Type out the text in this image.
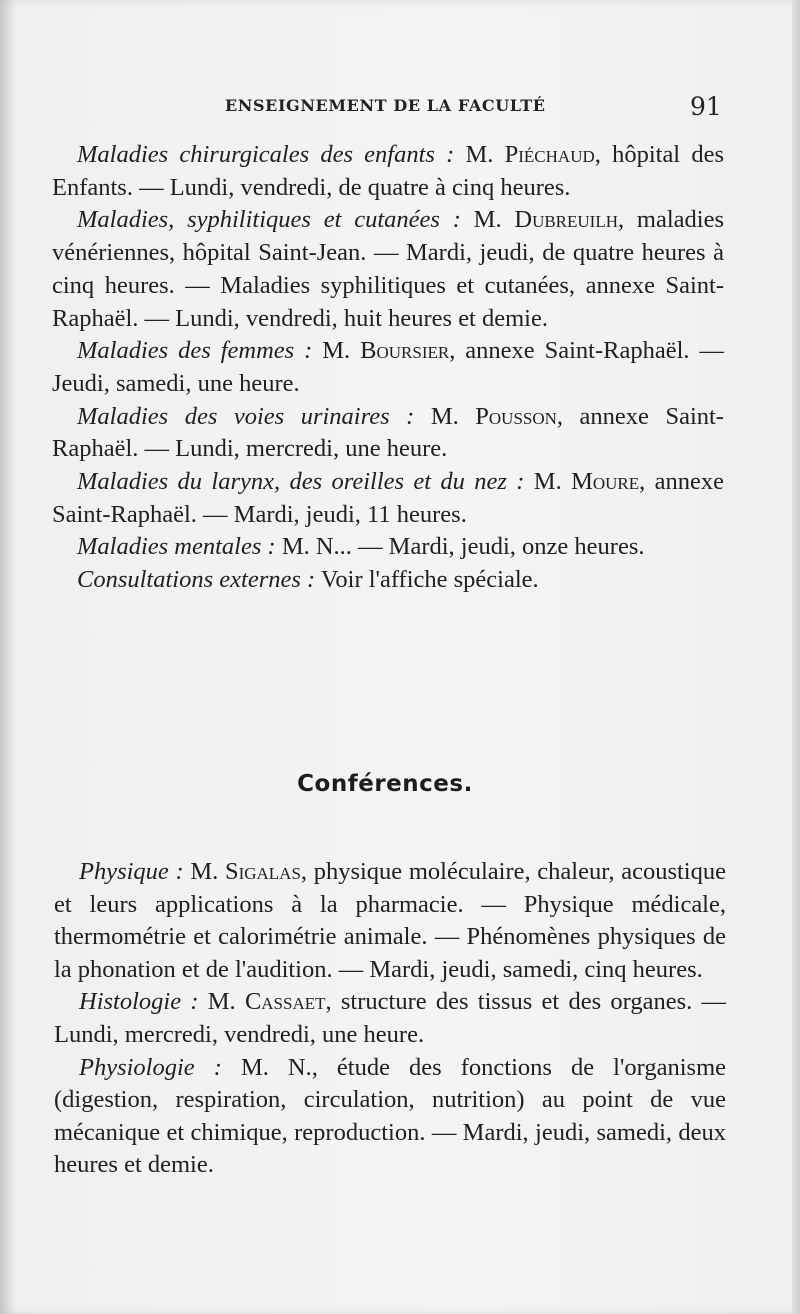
ENSEIGNEMENT DE LA FACULTÉ	91

Maladies chirurgicales des enfants : M. Piéchaud, hôpital des Enfants. — Lundi, vendredi, de quatre à cinq heures.

Maladies, syphilitiques et cutanées : M. Dubreuilh, maladies vénériennes, hôpital Saint-Jean. — Mardi, jeudi, de quatre heures à cinq heures. — Maladies syphilitiques et cutanées, annexe Saint-Raphaël. — Lundi, vendredi, huit heures et demie.

Maladies des femmes : M. Boursier, annexe Saint-Raphaël. — Jeudi, samedi, une heure.

Maladies des voies urinaires : M. Pousson, annexe Saint-Raphaël. — Lundi, mercredi, une heure.

Maladies du larynx, des oreilles et du nez : M. Moure, annexe Saint-Raphaël. — Mardi, jeudi, 11 heures.

Maladies mentales : M. N... — Mardi, jeudi, onze heures.

Consultations externes : Voir l'affiche spéciale.

Conférences.

Physique : M. Sigalas, physique moléculaire, chaleur, acoustique et leurs applications à la pharmacie. — Physique médicale, thermométrie et calorimétrie animale. — Phénomènes physiques de la phonation et de l'audition. — Mardi, jeudi, samedi, cinq heures.

Histologie : M. Cassaet, structure des tissus et des organes. — Lundi, mercredi, vendredi, une heure.

Physiologie : M. N., étude des fonctions de l'organisme (digestion, respiration, circulation, nutrition) au point de vue mécanique et chimique, reproduction. — Mardi, jeudi, samedi, deux heures et demie.
